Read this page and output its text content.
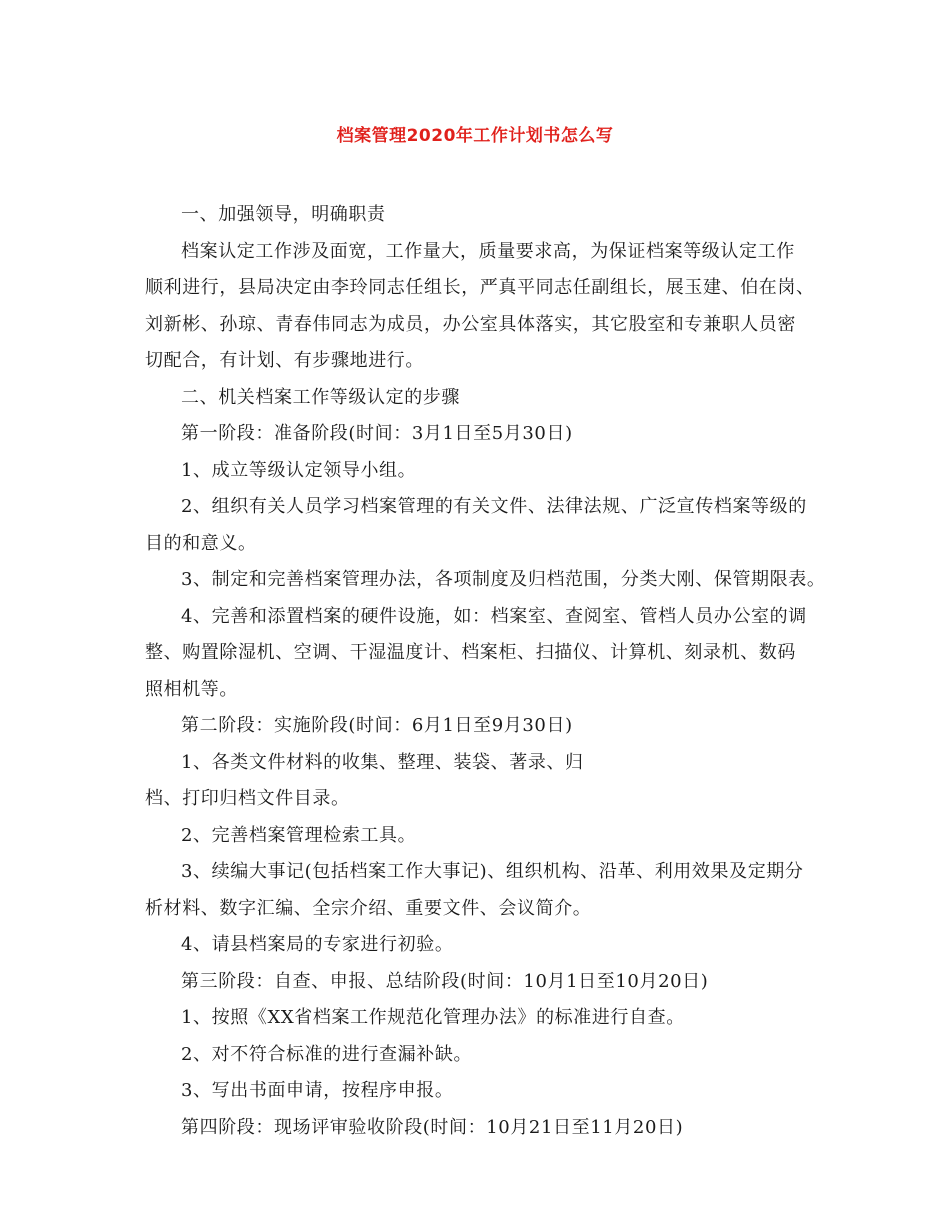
档案管理2020年工作计划书怎么写
一、加强领导，明确职责
档案认定工作涉及面宽，工作量大，质量要求高，为保证档案等级认定工作
顺利进行，县局决定由李玲同志任组长，严真平同志任副组长，展玉建、伯在岗、
刘新彬、孙琼、青春伟同志为成员，办公室具体落实，其它股室和专兼职人员密
切配合，有计划、有步骤地进行。
二、机关档案工作等级认定的步骤
第一阶段：准备阶段(时间：3月1日至5月30日)
1、成立等级认定领导小组。
2、组织有关人员学习档案管理的有关文件、法律法规、广泛宣传档案等级的
目的和意义。
3、制定和完善档案管理办法，各项制度及归档范围，分类大刚、保管期限表。
4、完善和添置档案的硬件设施，如：档案室、查阅室、管档人员办公室的调
整、购置除湿机、空调、干湿温度计、档案柜、扫描仪、计算机、刻录机、数码
照相机等。
第二阶段：实施阶段(时间：6月1日至9月30日)
1、各类文件材料的收集、整理、装袋、著录、归
档、打印归档文件目录。
2、完善档案管理检索工具。
3、续编大事记(包括档案工作大事记)、组织机构、沿革、利用效果及定期分
析材料、数字汇编、全宗介绍、重要文件、会议简介。
4、请县档案局的专家进行初验。
第三阶段：自查、申报、总结阶段(时间：10月1日至10月20日)
1、按照《XX省档案工作规范化管理办法》的标准进行自查。
2、对不符合标准的进行查漏补缺。
3、写出书面申请，按程序申报。
第四阶段：现场评审验收阶段(时间：10月21日至11月20日)
